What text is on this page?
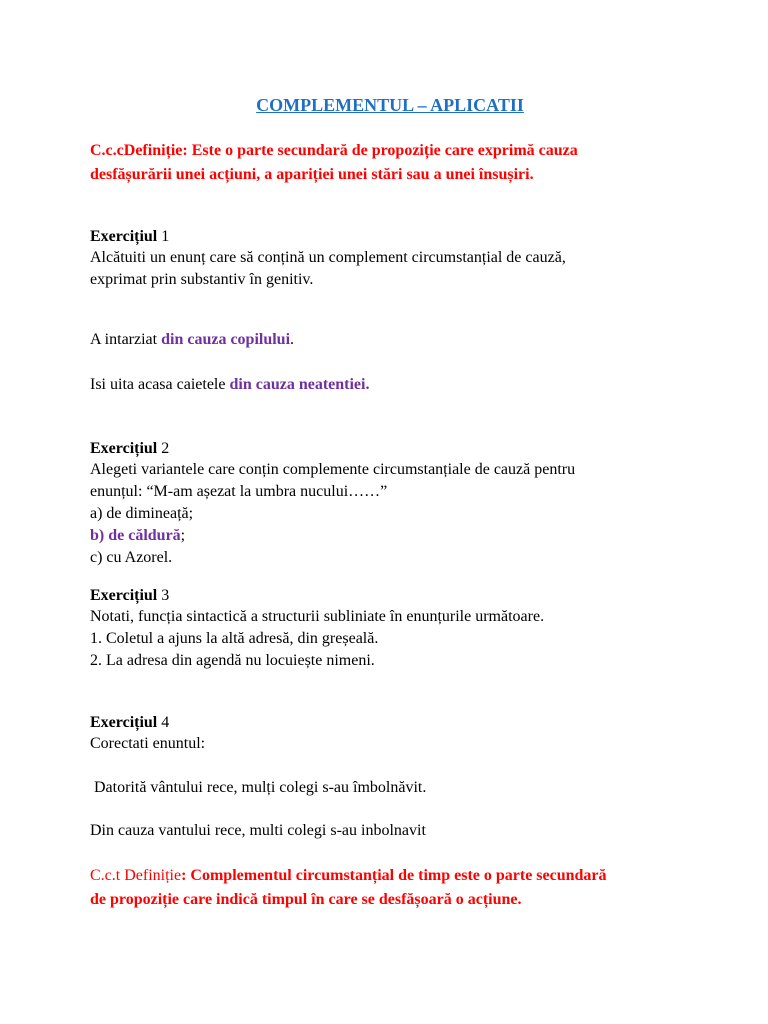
COMPLEMENTUL – APLICATII

C.c.cDefiniție: Este o parte secundară de propoziție care exprimă cauza
desfășurării unei acțiuni, a apariției unei stări sau a unei însușiri.

Exercițiul 1

Alcătuiti un enunț care să conțină un complement circumstanțial de cauză,
exprimat prin substantiv în genitiv.

A intarziat din cauza copilului.

Isi uita acasa caietele din cauza neatentiei.

Exercițiul 2

Alegeti variantele care conțin complemente circumstanțiale de cauză pentru
enunțul: “M-am așezat la umbra nucului……”
a) de dimineață;
b) de căldură;
c) cu Azorel.

Exercițiul 3

Notati, funcția sintactică a structurii subliniate în enunțurile următoare.
1. Coletul a ajuns la altă adresă, din greșeală.
2. La adresa din agendă nu locuiește nimeni.

Exercițiul 4

Corectati enuntul:

Datorită vântului rece, mulți colegi s-au îmbolnăvit.

Din cauza vantului rece, multi colegi s-au inbolnavit

C.c.t Definiție: Complementul circumstanțial de timp este o parte secundară
de propoziție care indică timpul în care se desfășoară o acțiune.
